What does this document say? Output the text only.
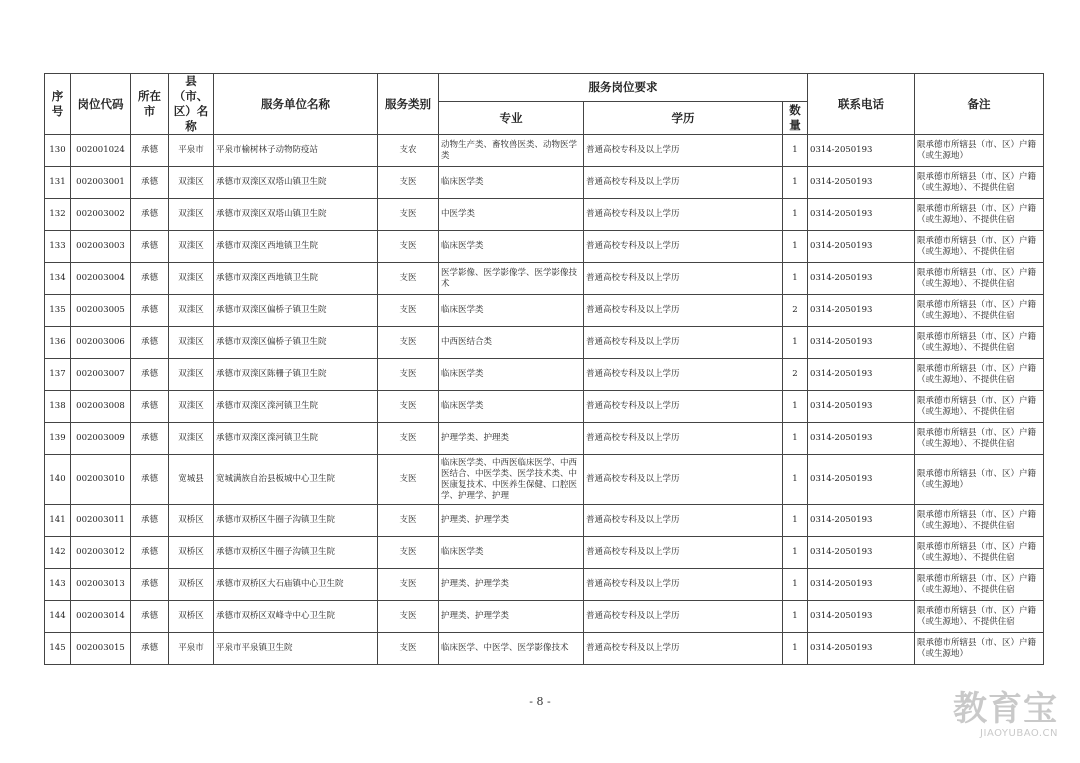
序号	岗位代码	所在市	县（市、区）名称	服务单位名称	服务类别	服务岗位要求			联系电话	备注
						专业	学历	数量		
130	002001024	承德	平泉市	平泉市榆树林子动物防疫站	支农	动物生产类、畜牧兽医类、动物医学类	普通高校专科及以上学历	1	0314-2050193	限承德市所辖县（市、区）户籍（或生源地）
131	002003001	承德	双滦区	承德市双滦区双塔山镇卫生院	支医	临床医学类	普通高校专科及以上学历	1	0314-2050193	限承德市所辖县（市、区）户籍（或生源地）、不提供住宿
132	002003002	承德	双滦区	承德市双滦区双塔山镇卫生院	支医	中医学类	普通高校专科及以上学历	1	0314-2050193	限承德市所辖县（市、区）户籍（或生源地）、不提供住宿
133	002003003	承德	双滦区	承德市双滦区西地镇卫生院	支医	临床医学类	普通高校专科及以上学历	1	0314-2050193	限承德市所辖县（市、区）户籍（或生源地）、不提供住宿
134	002003004	承德	双滦区	承德市双滦区西地镇卫生院	支医	医学影像、医学影像学、医学影像技术	普通高校专科及以上学历	1	0314-2050193	限承德市所辖县（市、区）户籍（或生源地）、不提供住宿
135	002003005	承德	双滦区	承德市双滦区偏桥子镇卫生院	支医	临床医学类	普通高校专科及以上学历	2	0314-2050193	限承德市所辖县（市、区）户籍（或生源地）、不提供住宿
136	002003006	承德	双滦区	承德市双滦区偏桥子镇卫生院	支医	中西医结合类	普通高校专科及以上学历	1	0314-2050193	限承德市所辖县（市、区）户籍（或生源地）、不提供住宿
137	002003007	承德	双滦区	承德市双滦区陈栅子镇卫生院	支医	临床医学类	普通高校专科及以上学历	2	0314-2050193	限承德市所辖县（市、区）户籍（或生源地）、不提供住宿
138	002003008	承德	双滦区	承德市双滦区滦河镇卫生院	支医	临床医学类	普通高校专科及以上学历	1	0314-2050193	限承德市所辖县（市、区）户籍（或生源地）、不提供住宿
139	002003009	承德	双滦区	承德市双滦区滦河镇卫生院	支医	护理学类、护理类	普通高校专科及以上学历	1	0314-2050193	限承德市所辖县（市、区）户籍（或生源地）、不提供住宿
140	002003010	承德	宽城县	宽城满族自治县板城中心卫生院	支医	临床医学类、中西医临床医学、中西医结合、中医学类、医学技术类、中医康复技术、中医养生保健、口腔医学、护理学、护理	普通高校专科及以上学历	1	0314-2050193	限承德市所辖县（市、区）户籍（或生源地）
141	002003011	承德	双桥区	承德市双桥区牛圈子沟镇卫生院	支医	护理类、护理学类	普通高校专科及以上学历	1	0314-2050193	限承德市所辖县（市、区）户籍（或生源地）、不提供住宿
142	002003012	承德	双桥区	承德市双桥区牛圈子沟镇卫生院	支医	临床医学类	普通高校专科及以上学历	1	0314-2050193	限承德市所辖县（市、区）户籍（或生源地）、不提供住宿
143	002003013	承德	双桥区	承德市双桥区大石庙镇中心卫生院	支医	护理类、护理学类	普通高校专科及以上学历	1	0314-2050193	限承德市所辖县（市、区）户籍（或生源地）、不提供住宿
144	002003014	承德	双桥区	承德市双桥区双峰寺中心卫生院	支医	护理类、护理学类	普通高校专科及以上学历	1	0314-2050193	限承德市所辖县（市、区）户籍（或生源地）、不提供住宿
145	002003015	承德	平泉市	平泉市平泉镇卫生院	支医	临床医学、中医学、医学影像技术	普通高校专科及以上学历	1	0314-2050193	限承德市所辖县（市、区）户籍（或生源地）
- 8 -	教育宝
JIAOYUBAO.CN
